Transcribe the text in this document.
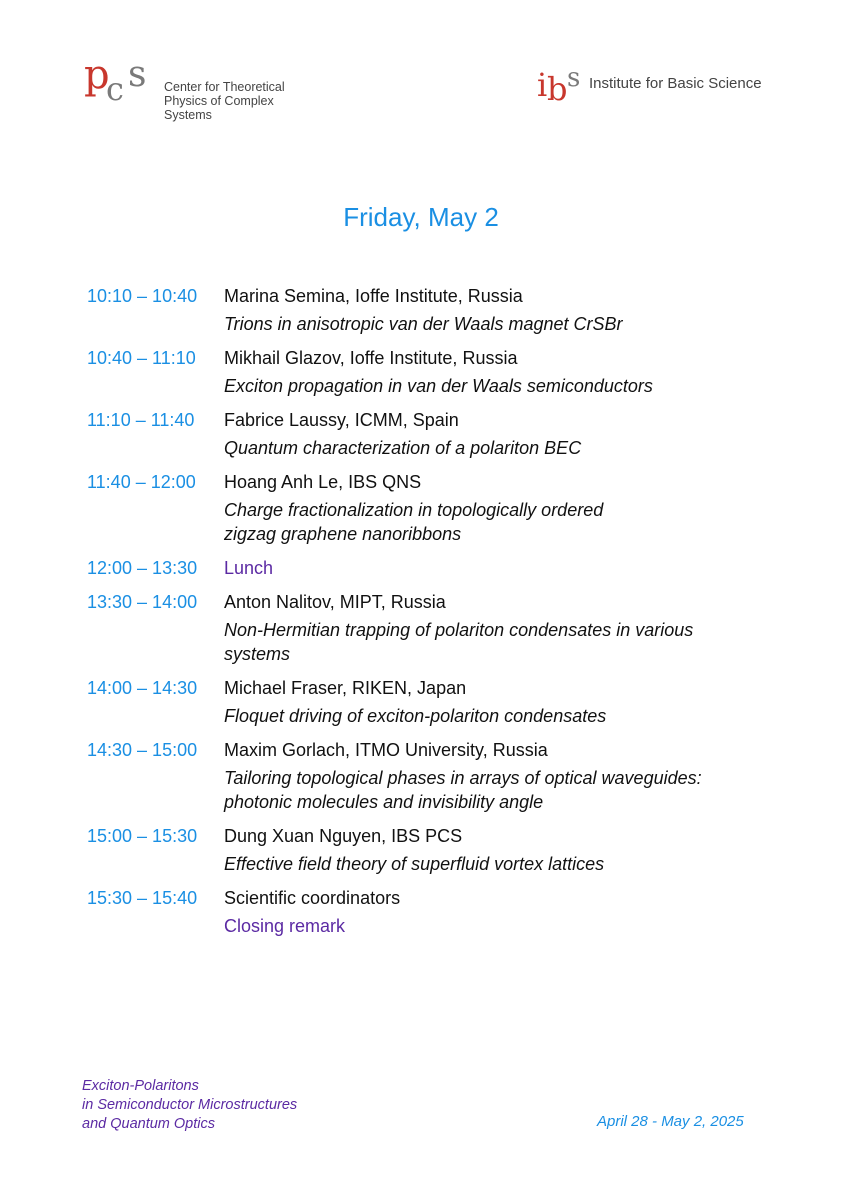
p
c s Center for Theoretical
Physics of Complex Systems
i b s Institute for Basic Science
Friday, May 2
10:10 – 10:40	Marina Semina, Ioffe Institute, Russia
Trions in anisotropic van der Waals magnet CrSBr
10:40 – 11:10	Mikhail Glazov, Ioffe Institute, Russia
Exciton propagation in van der Waals semiconductors
11:10 – 11:40	Fabrice Laussy, ICMM, Spain
Quantum characterization of a polariton BEC
11:40 – 12:00	Hoang Anh Le, IBS QNS
Charge fractionalization in topologically ordered
zigzag graphene nanoribbons
12:00 – 13:30	Lunch
13:30 – 14:00	Anton Nalitov, MIPT, Russia
Non-Hermitian trapping of polariton condensates in various
systems
14:00 – 14:30	Michael Fraser, RIKEN, Japan
Floquet driving of exciton-polariton condensates
14:30 – 15:00	Maxim Gorlach, ITMO University, Russia
Tailoring topological phases in arrays of optical waveguides:
photonic molecules and invisibility angle
15:00 – 15:30	Dung Xuan Nguyen, IBS PCS
Effective field theory of superfluid vortex lattices
15:30 – 15:40	Scientific coordinators
Closing remark
Exciton-Polaritons
in Semiconductor Microstructures
and Quantum Optics	April 28 - May 2, 2025
